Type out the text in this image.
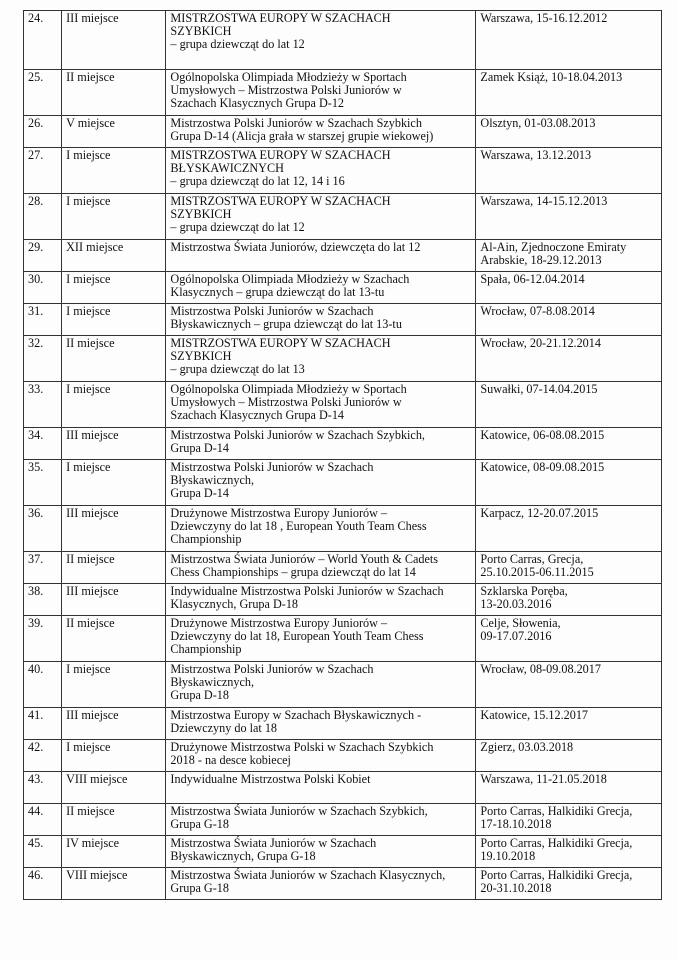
24.	III miejsce	MISTRZOSTWA EUROPY W SZACHACH
SZYBKICH
– grupa dziewcząt do lat 12	Warszawa, 15-16.12.2012

25.	II miejsce	Ogólnopolska Olimpiada Młodzieży w Sportach
Umysłowych – Mistrzostwa Polski Juniorów w
Szachach Klasycznych Grupa D-12	Zamek Książ, 10-18.04.2013

26.	V miejsce	Mistrzostwa Polski Juniorów w Szachach Szybkich
Grupa D-14 (Alicja grała w starszej grupie wiekowej)	Olsztyn, 01-03.08.2013

27.	I miejsce	MISTRZOSTWA EUROPY W SZACHACH
BŁYSKAWICZNYCH
– grupa dziewcząt do lat 12, 14 i 16	Warszawa, 13.12.2013

28.	I miejsce	MISTRZOSTWA EUROPY W SZACHACH
SZYBKICH
– grupa dziewcząt do lat 12	Warszawa, 14-15.12.2013

29.	XII miejsce	Mistrzostwa Świata Juniorów, dziewczęta do lat 12	Al-Ain, Zjednoczone Emiraty
Arabskie, 18-29.12.2013

30.	I miejsce	Ogólnopolska Olimpiada Młodzieży w Szachach
Klasycznych – grupa dziewcząt do lat 13-tu	Spała, 06-12.04.2014

31.	I miejsce	Mistrzostwa Polski Juniorów w Szachach
Błyskawicznych – grupa dziewcząt do lat 13-tu	Wrocław, 07-8.08.2014

32.	II miejsce	MISTRZOSTWA EUROPY W SZACHACH
SZYBKICH
– grupa dziewcząt do lat 13	Wrocław, 20-21.12.2014

33.	I miejsce	Ogólnopolska Olimpiada Młodzieży w Sportach
Umysłowych – Mistrzostwa Polski Juniorów w
Szachach Klasycznych Grupa D-14	Suwałki, 07-14.04.2015

34.	III miejsce	Mistrzostwa Polski Juniorów w Szachach Szybkich,
Grupa D-14	Katowice, 06-08.08.2015

35.	I miejsce	Mistrzostwa Polski Juniorów w Szachach
Błyskawicznych,
Grupa D-14	Katowice, 08-09.08.2015

36.	III miejsce	Drużynowe Mistrzostwa Europy Juniorów –
Dziewczyny do lat 18 , European Youth Team Chess
Championship	Karpacz, 12-20.07.2015

37.	II miejsce	Mistrzostwa Świata Juniorów – World Youth & Cadets
Chess Championships – grupa dziewcząt do lat 14	Porto Carras, Grecja,
25.10.2015-06.11.2015

38.	III miejsce	Indywidualne Mistrzostwa Polski Juniorów w Szachach
Klasycznych, Grupa D-18	Szklarska Poręba,
13-20.03.2016

39.	II miejsce	Drużynowe Mistrzostwa Europy Juniorów –
Dziewczyny do lat 18, European Youth Team Chess
Championship	Celje, Słowenia,
09-17.07.2016

40.	I miejsce	Mistrzostwa Polski Juniorów w Szachach
Błyskawicznych,
Grupa D-18	Wrocław, 08-09.08.2017

41.	III miejsce	Mistrzostwa Europy w Szachach Błyskawicznych -
Dziewczyny do lat 18	Katowice, 15.12.2017

42.	I miejsce	Drużynowe Mistrzostwa Polski w Szachach Szybkich
2018 - na desce kobiecej	Zgierz, 03.03.2018

43.	VIII miejsce	Indywidualne Mistrzostwa Polski Kobiet	Warszawa, 11-21.05.2018

44.	II miejsce	Mistrzostwa Świata Juniorów w Szachach Szybkich,
Grupa G-18	Porto Carras, Halkidiki Grecja,
17-18.10.2018

45.	IV miejsce	Mistrzostwa Świata Juniorów w Szachach
Błyskawicznych, Grupa G-18	Porto Carras, Halkidiki Grecja,
19.10.2018

46.	VIII miejsce	Mistrzostwa Świata Juniorów w Szachach Klasycznych,
Grupa G-18	Porto Carras, Halkidiki Grecja,
20-31.10.2018
